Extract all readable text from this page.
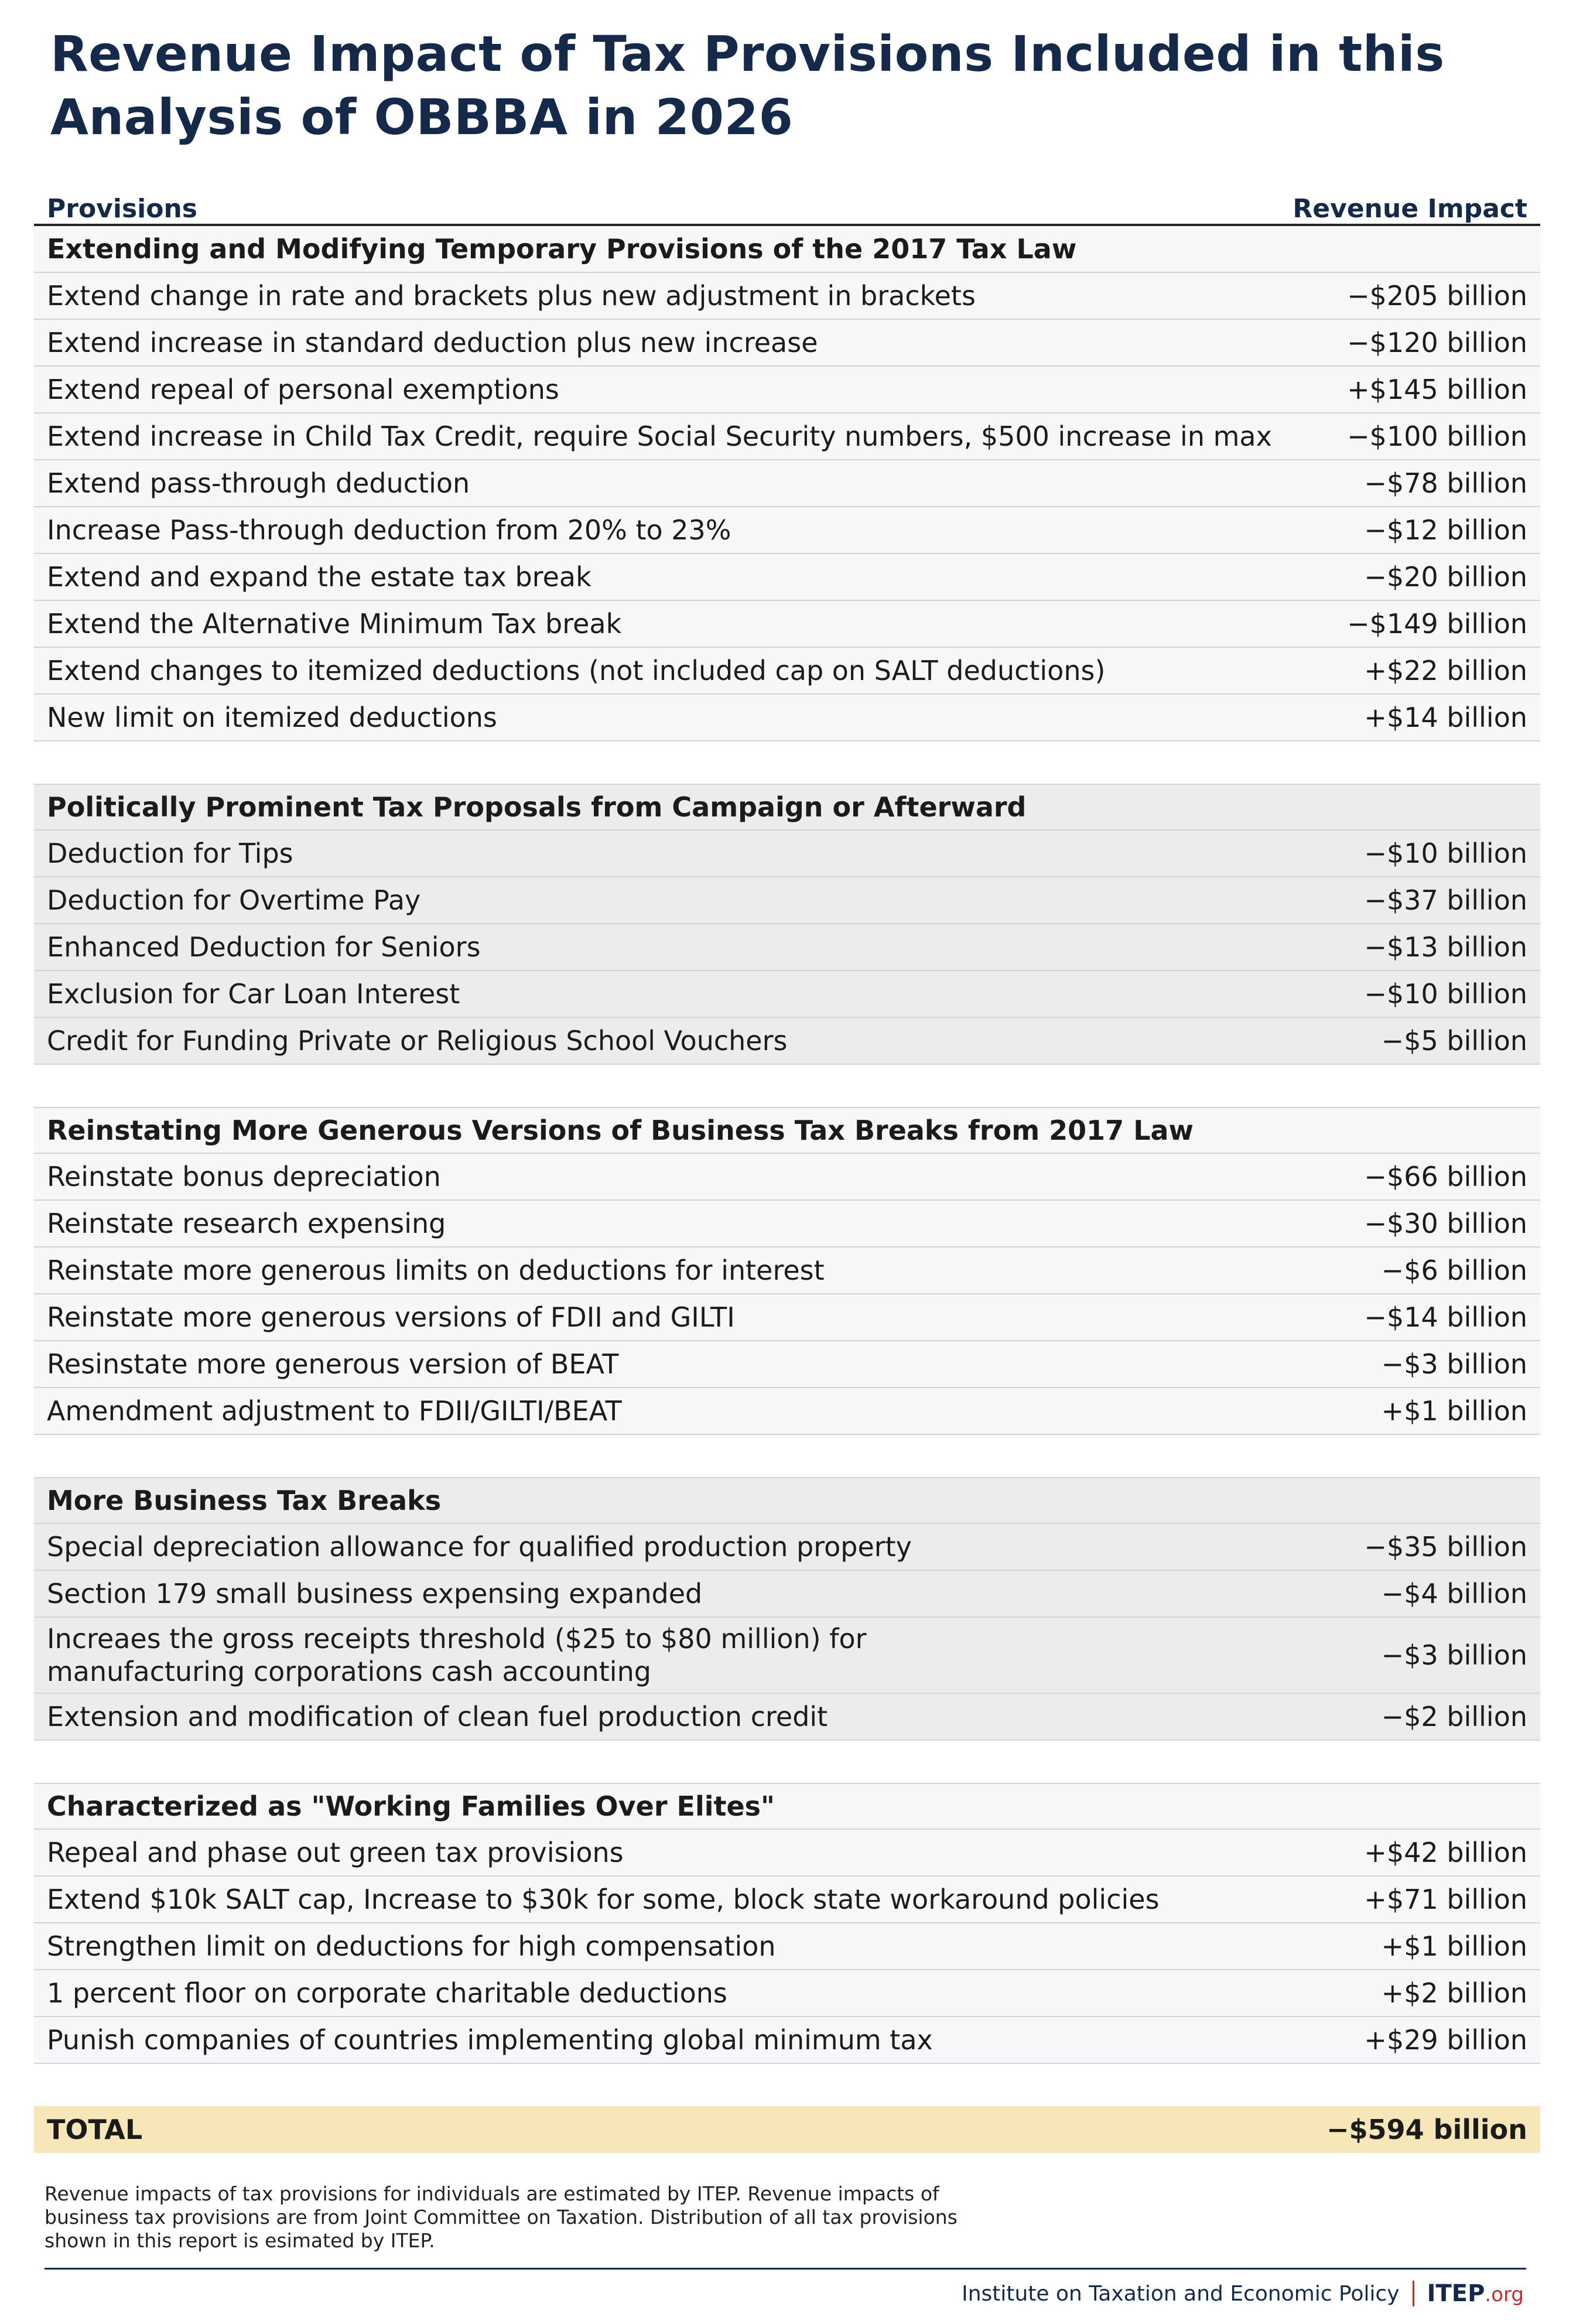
Revenue Impact of Tax Provisions Included in this Analysis of OBBBA in 2026
Provisions	Revenue Impact
Extending and Modifying Temporary Provisions of the 2017 Tax Law
Extend change in rate and brackets plus new adjustment in brackets	−$205 billion
Extend increase in standard deduction plus new increase	−$120 billion
Extend repeal of personal exemptions	+$145 billion
Extend increase in Child Tax Credit, require Social Security numbers, $500 increase in max	−$100 billion
Extend pass-through deduction	−$78 billion
Increase Pass-through deduction from 20% to 23%	−$12 billion
Extend and expand the estate tax break	−$20 billion
Extend the Alternative Minimum Tax break	−$149 billion
Extend changes to itemized deductions (not included cap on SALT deductions)	+$22 billion
New limit on itemized deductions	+$14 billion
Politically Prominent Tax Proposals from Campaign or Afterward
Deduction for Tips	−$10 billion
Deduction for Overtime Pay	−$37 billion
Enhanced Deduction for Seniors	−$13 billion
Exclusion for Car Loan Interest	−$10 billion
Credit for Funding Private or Religious School Vouchers	−$5 billion
Reinstating More Generous Versions of Business Tax Breaks from 2017 Law
Reinstate bonus depreciation	−$66 billion
Reinstate research expensing	−$30 billion
Reinstate more generous limits on deductions for interest	−$6 billion
Reinstate more generous versions of FDII and GILTI	−$14 billion
Resinstate more generous version of BEAT	−$3 billion
Amendment adjustment to FDII/GILTI/BEAT	+$1 billion
More Business Tax Breaks
Special depreciation allowance for qualified production property	−$35 billion
Section 179 small business expensing expanded	−$4 billion
Increaes the gross receipts threshold ($25 to $80 million) for manufacturing corporations cash accounting
−$3 billion
Extension and modification of clean fuel production credit	−$2 billion
Characterized as "Working Families Over Elites"
Repeal and phase out green tax provisions	+$42 billion
Extend $10k SALT cap, Increase to $30k for some, block state workaround policies	+$71 billion
Strengthen limit on deductions for high compensation	+$1 billion
1 percent floor on corporate charitable deductions	+$2 billion
Punish companies of countries implementing global minimum tax	+$29 billion
TOTAL	−$594 billion
Revenue impacts of tax provisions for individuals are estimated by ITEP. Revenue impacts of business tax provisions are from Joint Committee on Taxation. Distribution of all tax provisions shown in this report is esimated by ITEP.
Institute on Taxation and Economic Policy ITEP.org
